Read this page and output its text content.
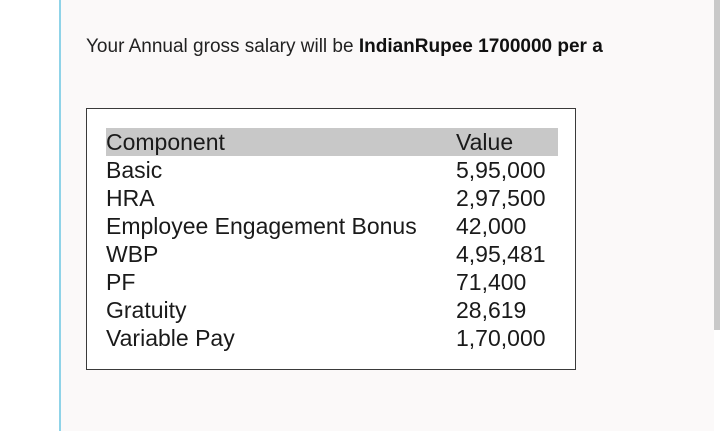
Your Annual gross salary will be IndianRupee 1700000 per a
Component	Value
Basic	5,95,000
HRA	2,97,500
Employee Engagement Bonus	42,000
WBP	4,95,481
PF	71,400
Gratuity	28,619
Variable Pay	1,70,000
